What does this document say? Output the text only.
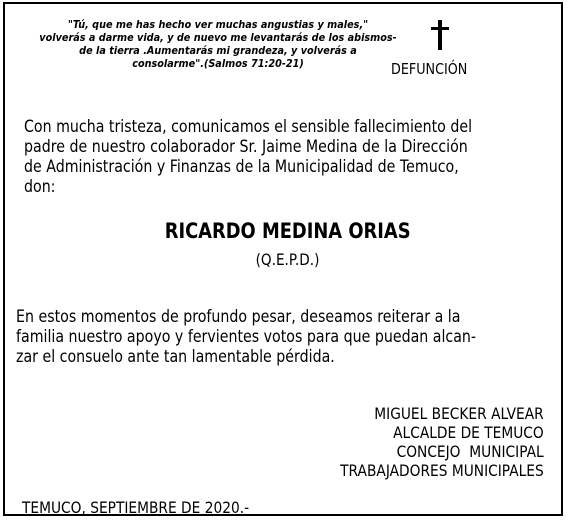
"Tú, que me has hecho ver muchas angustias y males,"
volverás a darme vida, y de nuevo me levantarás de los abismos-
de la tierra .Aumentarás mi grandeza, y volverás a
consolarme".(Salmos 71:20-21)	DEFUNCIÓN
Con mucha tristeza, comunicamos el sensible fallecimiento del
padre de nuestro colaborador Sr. Jaime Medina de la Dirección
de Administración y Finanzas de la Municipalidad de Temuco,
don:
RICARDO MEDINA ORIAS
(Q.E.P.D.)
En estos momentos de profundo pesar, deseamos reiterar a la
familia nuestro apoyo y fervientes votos para que puedan alcan-
zar el consuelo ante tan lamentable pérdida.
MIGUEL BECKER ALVEAR
ALCALDE DE TEMUCO
CONCEJO  MUNICIPAL
TRABAJADORES MUNICIPALES
TEMUCO, SEPTIEMBRE DE 2020.-
